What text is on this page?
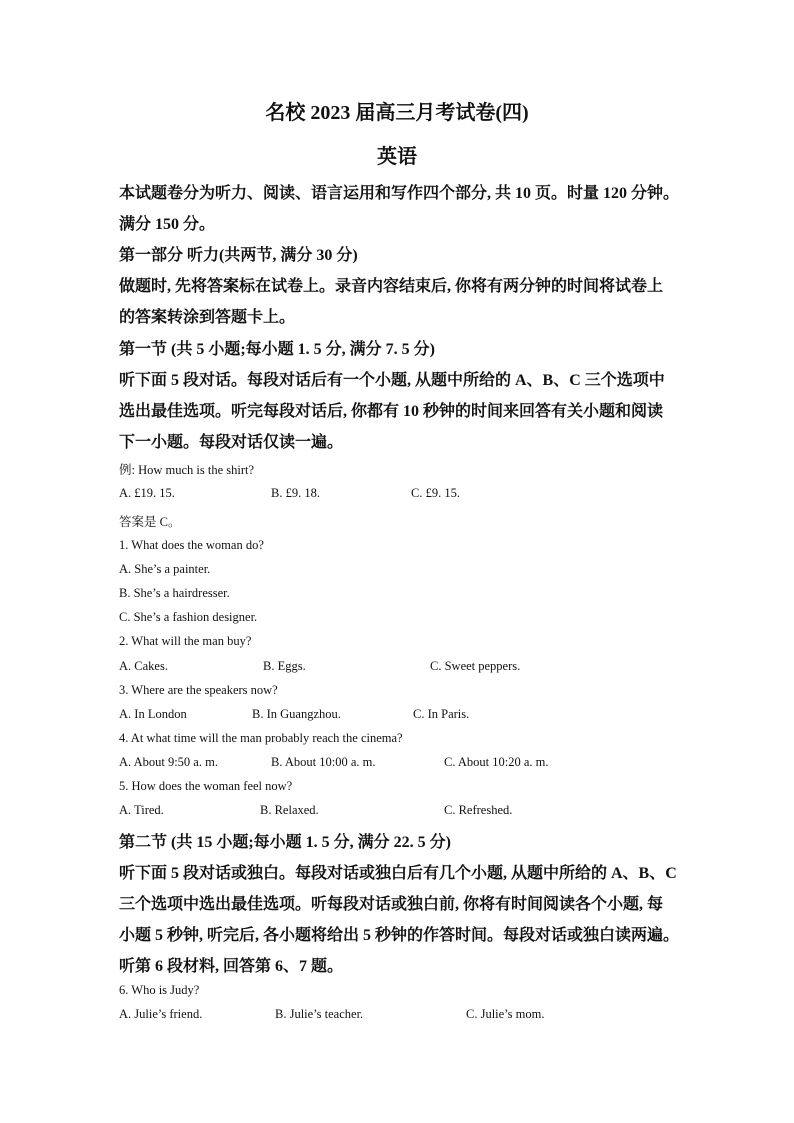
名校 2023 届高三月考试卷(四)
英语
本试题卷分为听力、阅读、语言运用和写作四个部分, 共 10 页。时量 120 分钟。
满分 150 分。
第一部分 听力(共两节, 满分 30 分)
做题时, 先将答案标在试卷上。录音内容结束后, 你将有两分钟的时间将试卷上
的答案转涂到答题卡上。
第一节 (共 5 小题;每小题 1. 5 分, 满分 7. 5 分)
听下面 5 段对话。每段对话后有一个小题, 从题中所给的 A、B、C 三个选项中
选出最佳选项。听完每段对话后, 你都有 10 秒钟的时间来回答有关小题和阅读
下一小题。每段对话仅读一遍。
例: How much is the shirt?
A. £19. 15.	B. £9. 18.	C. £9. 15.
答案是 C。
1. What does the woman do?
A. She’s a painter.
B. She’s a hairdresser.
C. She’s a fashion designer.
2. What will the man buy?
A. Cakes.	B. Eggs.	C. Sweet peppers.
3. Where are the speakers now?
A. In London	B. In Guangzhou.	C. In Paris.
4. At what time will the man probably reach the cinema?
A. About 9:50 a. m.	B. About 10:00 a. m.	C. About 10:20 a. m.
5. How does the woman feel now?
A. Tired.	B. Relaxed.	C. Refreshed.
第二节 (共 15 小题;每小题 1. 5 分, 满分 22. 5 分)
听下面 5 段对话或独白。每段对话或独白后有几个小题, 从题中所给的 A、B、C
三个选项中选出最佳选项。听每段对话或独白前, 你将有时间阅读各个小题, 每
小题 5 秒钟, 听完后, 各小题将给出 5 秒钟的作答时间。每段对话或独白读两遍。
听第 6 段材料, 回答第 6、7 题。
6. Who is Judy?
A. Julie’s friend.	B. Julie’s teacher.	C. Julie’s mom.
